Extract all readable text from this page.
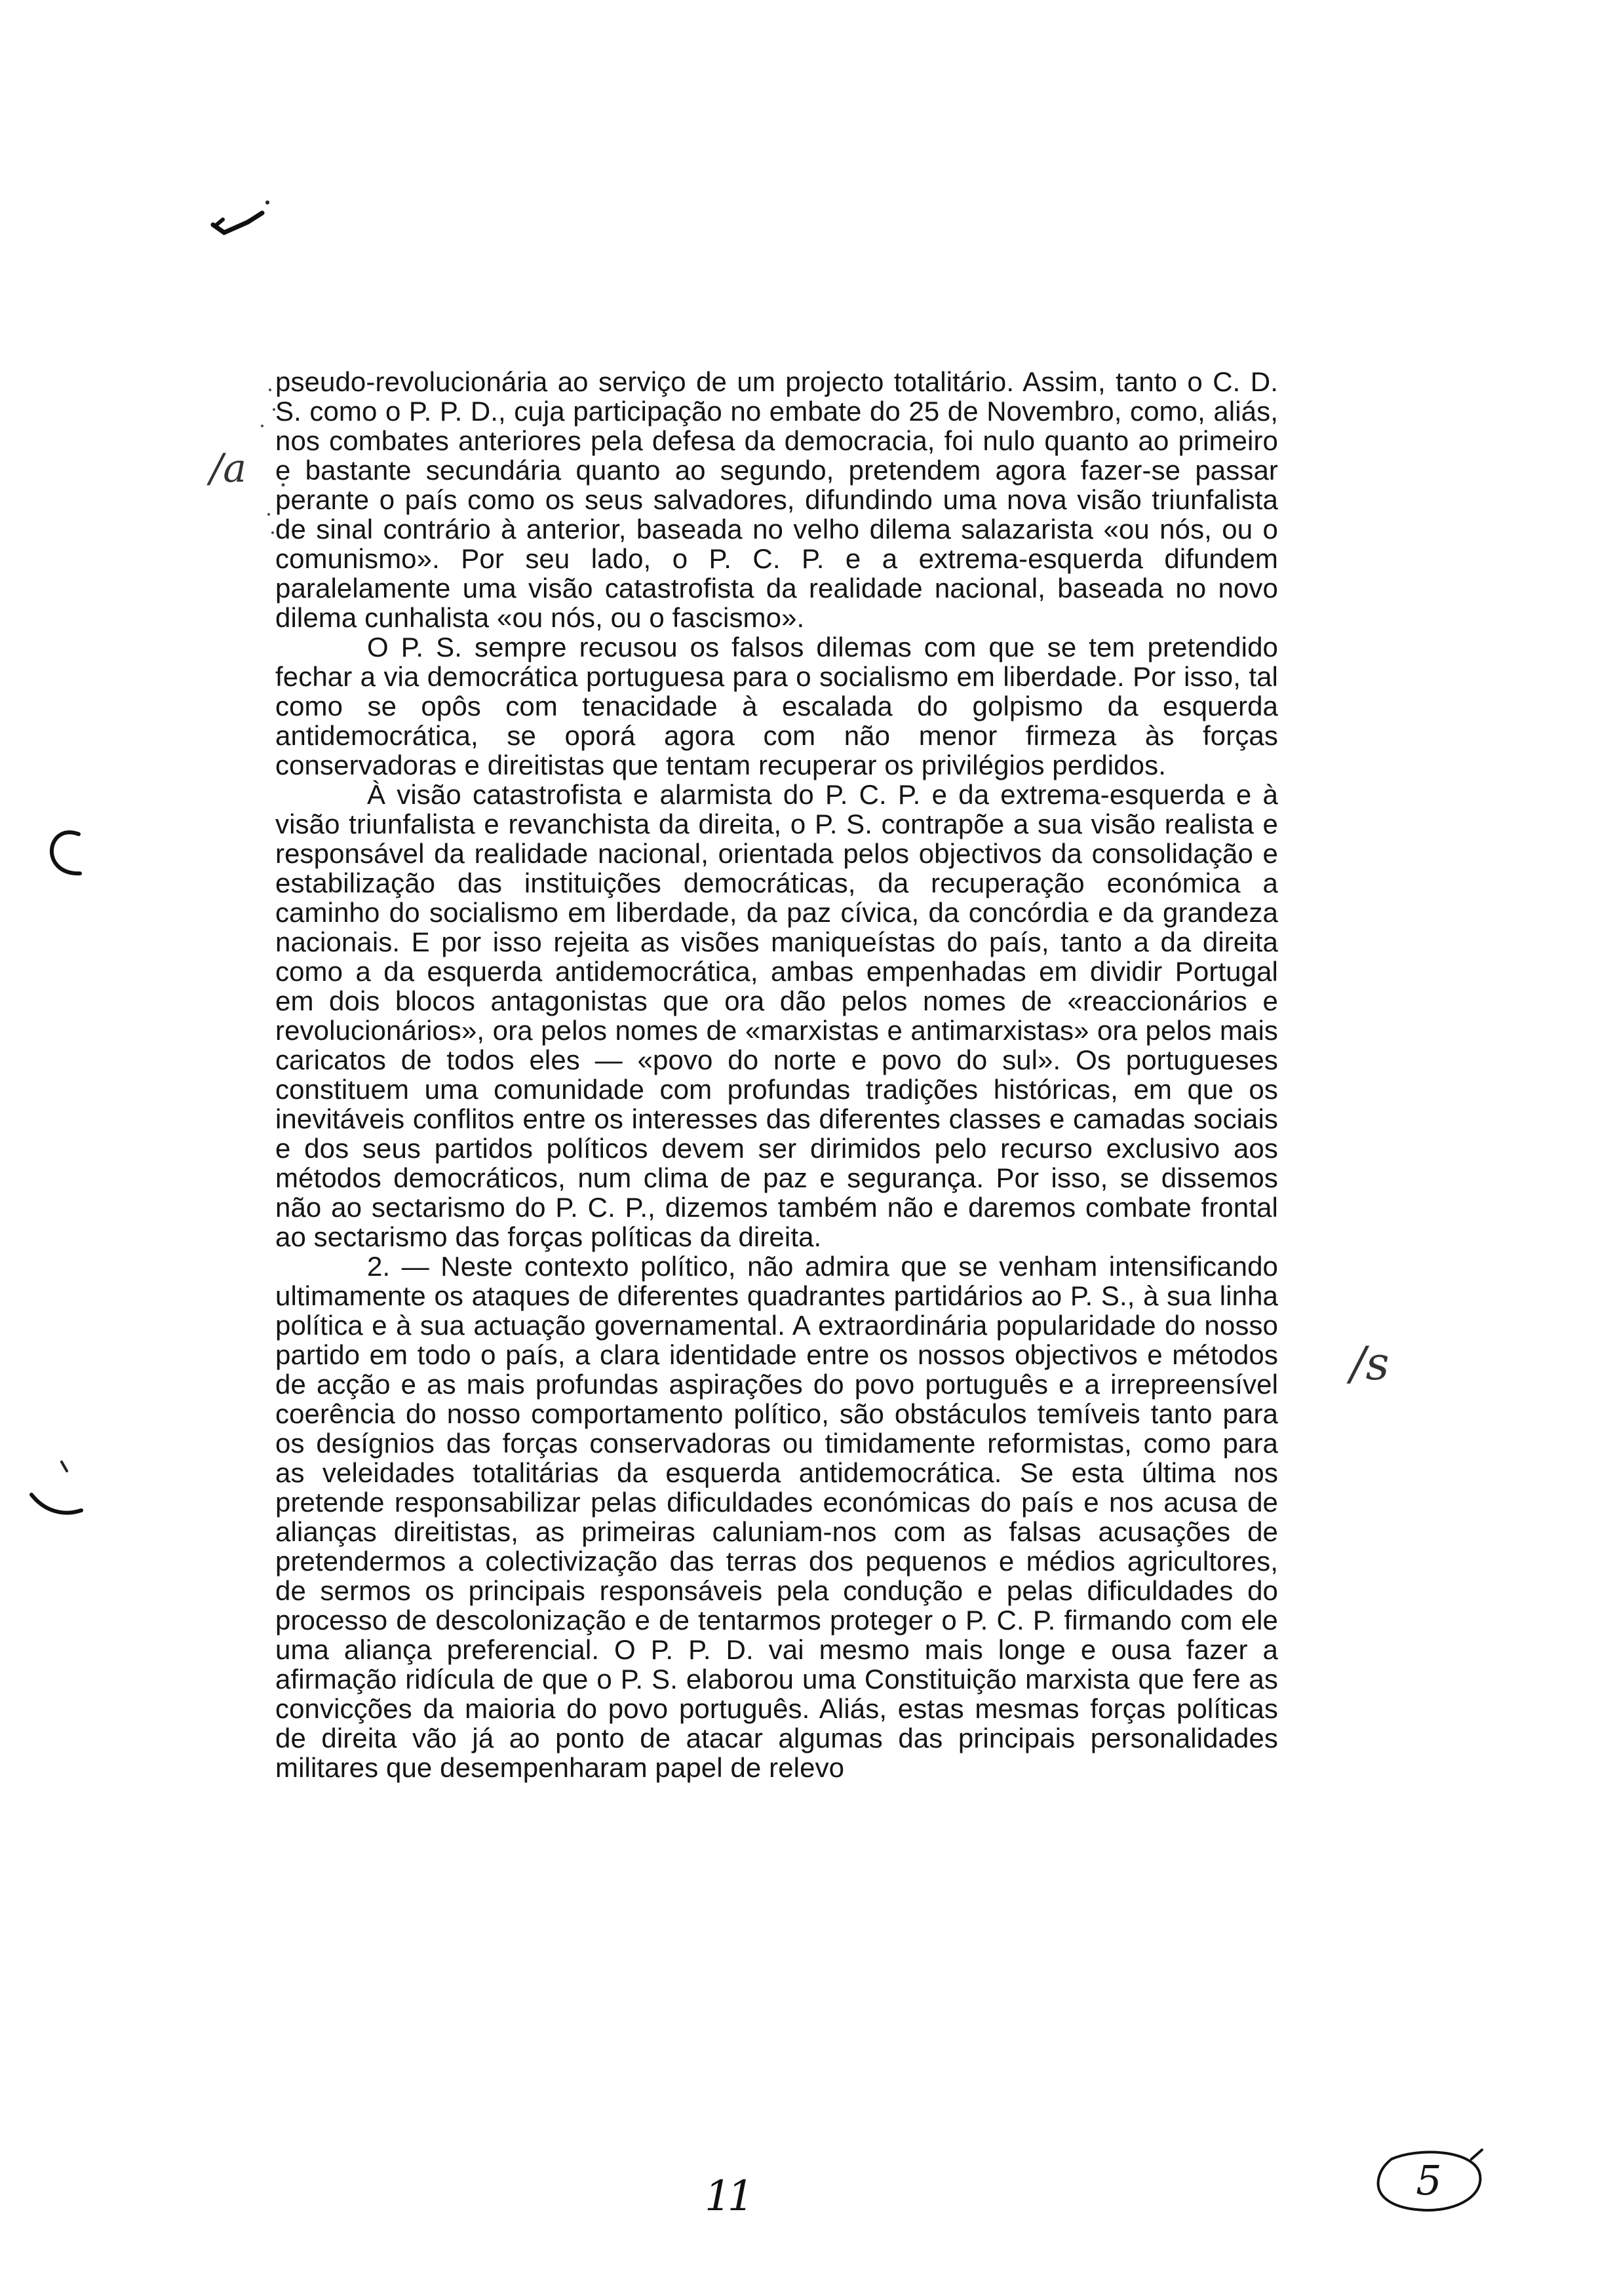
/a
/s

pseudo-revolucionária ao serviço de um projecto totalitário. Assim, tanto o C. D. S. como o P. P. D., cuja participação no embate do 25 de Novembro, como, aliás, nos combates anteriores pela defesa da democracia, foi nulo quanto ao primeiro e bastante secundária quanto ao segundo, pretendem agora fazer-se passar perante o país como os seus salvadores, difundindo uma nova visão triunfalista de sinal contrário à anterior, baseada no velho dilema salazarista «ou nós, ou o comunismo». Por seu lado, o P. C. P. e a extrema-esquerda difundem paralelamente uma visão catastrofista da realidade nacional, baseada no novo dilema cunhalista «ou nós, ou o fascismo».

O P. S. sempre recusou os falsos dilemas com que se tem pretendido fechar a via democrática portuguesa para o socialismo em liberdade. Por isso, tal como se opôs com tenacidade à escalada do golpismo da esquerda antidemocrática, se oporá agora com não menor firmeza às forças conservadoras e direitistas que tentam recuperar os privilégios perdidos.

À visão catastrofista e alarmista do P. C. P. e da extrema-esquerda e à visão triunfalista e revanchista da direita, o P. S. contrapõe a sua visão realista e responsável da realidade nacional, orientada pelos objectivos da consolidação e estabilização das instituições democráticas, da recuperação económica a caminho do socialismo em liberdade, da paz cívica, da concórdia e da grandeza nacionais. E por isso rejeita as visões maniqueístas do país, tanto a da direita como a da esquerda antidemocrática, ambas empenhadas em dividir Portugal em dois blocos antagonistas que ora dão pelos nomes de «reaccionários e revolucionários», ora pelos nomes de «marxistas e antimarxistas» ora pelos mais caricatos de todos eles — «povo do norte e povo do sul». Os portugueses constituem uma comunidade com profundas tradições históricas, em que os inevitáveis conflitos entre os interesses das diferentes classes e camadas sociais e dos seus partidos políticos devem ser dirimidos pelo recurso exclusivo aos métodos democráticos, num clima de paz e segurança. Por isso, se dissemos não ao sectarismo do P. C. P., dizemos também não e daremos combate frontal ao sectarismo das forças políticas da direita.

2. — Neste contexto político, não admira que se venham intensificando ultimamente os ataques de diferentes quadrantes partidários ao P. S., à sua linha política e à sua actuação governamental. A extraordinária popularidade do nosso partido em todo o país, a clara identidade entre os nossos objectivos e métodos de acção e as mais profundas aspirações do povo português e a irrepreensível coerência do nosso comportamento político, são obstáculos temíveis tanto para os desígnios das forças conservadoras ou timidamente reformistas, como para as veleidades totalitárias da esquerda antidemocrática. Se esta última nos pretende responsabilizar pelas dificuldades económicas do país e nos acusa de alianças direitistas, as primeiras caluniam-nos com as falsas acusações de pretendermos a colectivização das terras dos pequenos e médios agricultores, de sermos os principais responsáveis pela condução e pelas dificuldades do processo de descolonização e de tentarmos proteger o P. C. P. firmando com ele uma aliança preferencial. O P. P. D. vai mesmo mais longe e ousa fazer a afirmação ridícula de que o P. S. elaborou uma Constituição marxista que fere as convicções da maioria do povo português. Aliás, estas mesmas forças políticas de direita vão já ao ponto de atacar algumas das principais personalidades militares que desempenharam papel de relevo

11	5
